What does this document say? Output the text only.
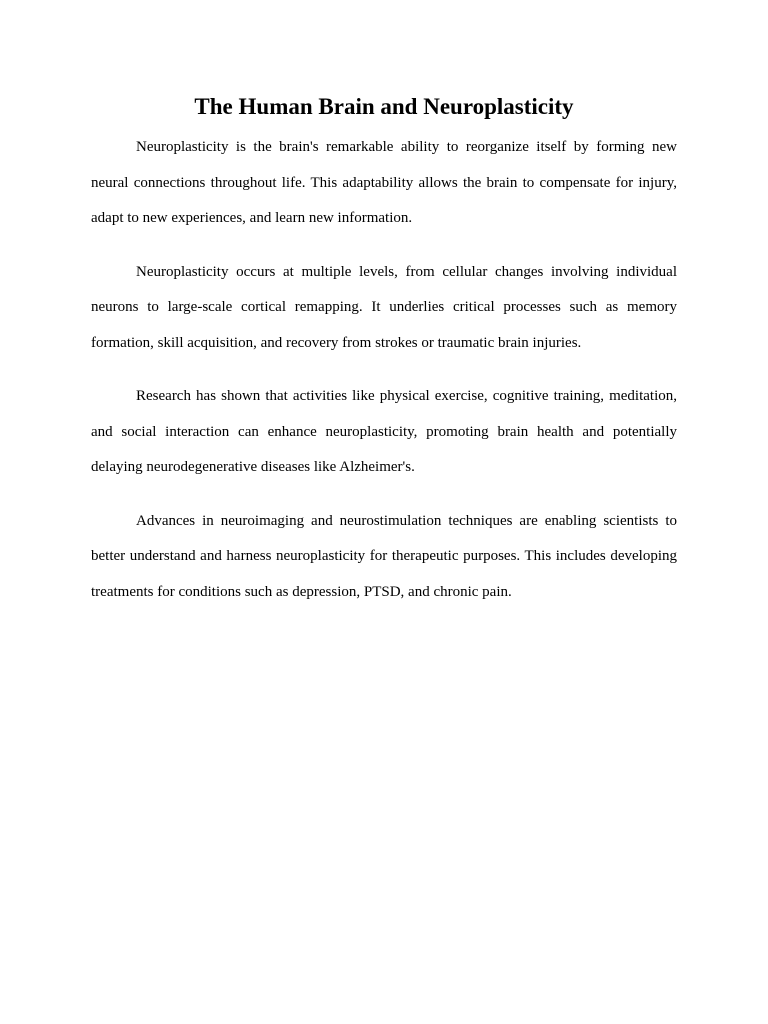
The Human Brain and Neuroplasticity

Neuroplasticity is the brain's remarkable ability to reorganize itself by forming new neural connections throughout life. This adaptability allows the brain to compensate for injury, adapt to new experiences, and learn new information.

Neuroplasticity occurs at multiple levels, from cellular changes involving individual neurons to large-scale cortical remapping. It underlies critical processes such as memory formation, skill acquisition, and recovery from strokes or traumatic brain injuries.

Research has shown that activities like physical exercise, cognitive training, meditation, and social interaction can enhance neuroplasticity, promoting brain health and potentially delaying neurodegenerative diseases like Alzheimer's.

Advances in neuroimaging and neurostimulation techniques are enabling scientists to better understand and harness neuroplasticity for therapeutic purposes. This includes developing treatments for conditions such as depression, PTSD, and chronic pain.
